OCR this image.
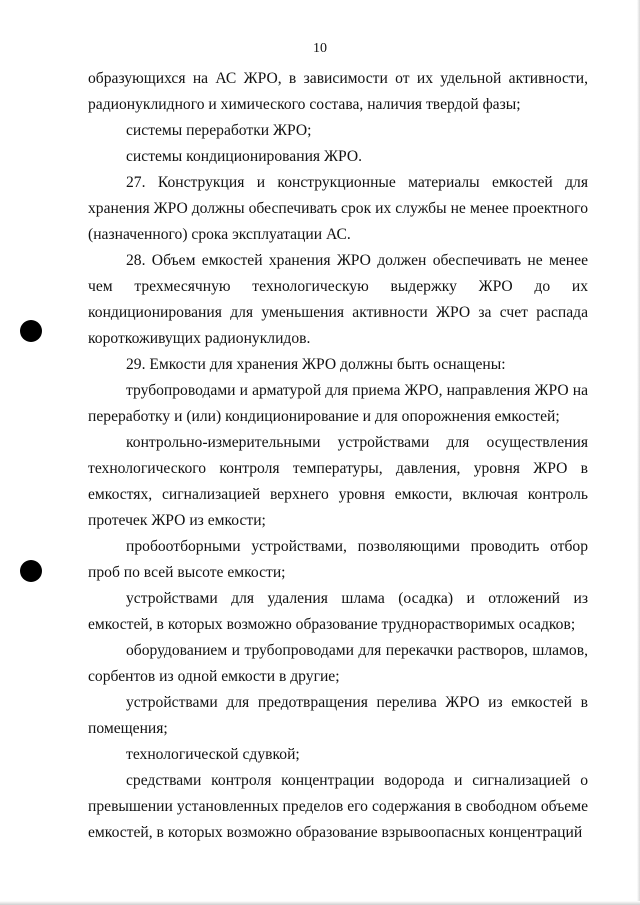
10

образующихся на АС ЖРО, в зависимости от их удельной активности, радионуклидного и химического состава, наличия твердой фазы;

системы переработки ЖРО;

системы кондиционирования ЖРО.

27. Конструкция и конструкционные материалы емкостей для хранения ЖРО должны обеспечивать срок их службы не менее проектного (назначенного) срока эксплуатации АС.

28. Объем емкостей хранения ЖРО должен обеспечивать не менее чем трехмесячную технологическую выдержку ЖРО до их кондиционирования для уменьшения активности ЖРО за счет распада короткоживущих радионуклидов.

29. Емкости для хранения ЖРО должны быть оснащены:

трубопроводами и арматурой для приема ЖРО, направления ЖРО на переработку и (или) кондиционирование и для опорожнения емкостей;

контрольно-измерительными устройствами для осуществления технологического контроля температуры, давления, уровня ЖРО в емкостях, сигнализацией верхнего уровня емкости, включая контроль протечек ЖРО из емкости;

пробоотборными устройствами, позволяющими проводить отбор проб по всей высоте емкости;

устройствами для удаления шлама (осадка) и отложений из емкостей, в которых возможно образование труднорастворимых осадков;

оборудованием и трубопроводами для перекачки растворов, шламов, сорбентов из одной емкости в другие;

устройствами для предотвращения перелива ЖРО из емкостей в помещения;

технологической сдувкой;

средствами контроля концентрации водорода и сигнализацией о превышении установленных пределов его содержания в свободном объеме емкостей, в которых возможно образование взрывоопасных концентраций
